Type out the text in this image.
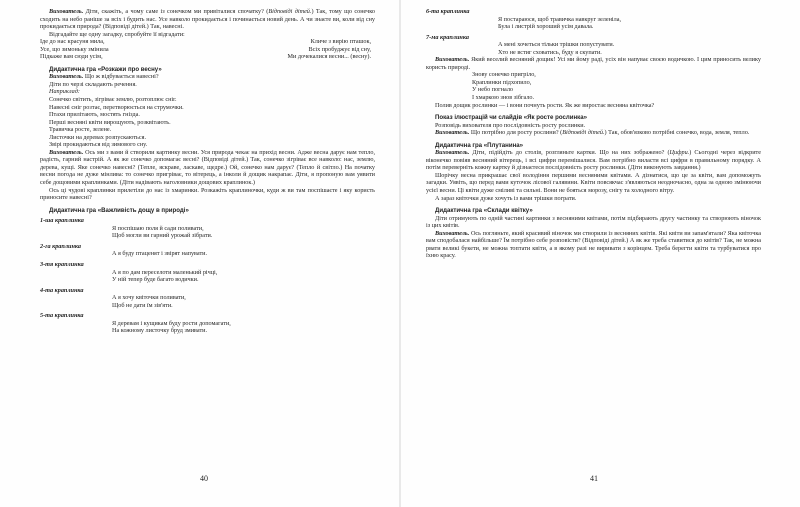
Вихователь. Діти, скажіть, а чому саме із сонечком ми привіталися спочатку? (Відповіді дітей.) Так, тому що сонечко сходить на небо раніше за всіх і будить нас. Усе навколо прокидається і починається новий день. А чи знаєте ви, коли від сну прокидається природа? (Відповіді дітей.) Так, навесні.

Відгадайте ще одну загадку, спробуйте її відгадати:

Іде до нас красуня мила,
Усе, що зимоньку змінила
Підкаже вам сюди усім,
Кличе з вирію пташок,
Всіх пробуджує від сну,
Ми дочекалися весни... (весну).
Дидактична гра «Розкажи про весну»
Вихователь. Що ж відбувається навесні?
Діти по черзі складають речення.
Наприклад:
Сонечко світить, зігріває землю, розтоплює сніг.
Навесні сніг розтає, перетворюється на струмочки.
Птахи прилітають, мостять гнізда.
Перші весняні квіти вирощують, розквітають.
Травичка росте, зелене.
Листочки на деревах розпускаються.
Звірі прокидаються від зимового сну.

Вихователь. Ось ми з вами й створили картинку весни. Уся природа чекає на прихід весни. Адже весна дарує нам тепло, радість, гарний настрій. А як же сонечко допомагає весні? (Відповіді дітей.) Так, сонечко зігріває все навколо: нас, землю, дерева, кущі. Яке сонечко навесні? (Тепле, яскраве, ласкаве, щедре.) Ой, сонечко нам дарує? (Тепло й світло.) На початку весни погода не дуже мінлива: то сонечко пригріває, то вітерець, а інколи й дощик накрапає. Діти, я пропоную вам уявити себе дощовими краплинками. (Діти надівають наголовники дощових краплинок.)

Ось ці чудові краплинки прилетіли до нас із хмаринки. Розкажіть краплиночки, куди ж ви там поспішаєте і яку користь приносите навесні?

Дидактична гра «Важливість дощу в природі»
1-ша краплинка
Я поспішаю поля й сади поливати,
Щоб могли ви гарний урожай зібрати.
2-га краплинка
А я буду птаценят і звірят напувати.
3-тя краплинка
А я по дам переселоти маленький річці,
У ній тепер буде багато водички.
4-та краплинка
А я хочу квіточки поливати,
Щоб не дати їм зів'яти.
5-та краплинка
Я деревам і кущикам буду рости допомагати,
На кожному листочку бруд змивати.
40
6-та краплинка
Я постараюся, щоб травичка навкруг зеленіла,
Була і листрій хороший усім давала.
7-ма краплинка
А мені хочеться тільки трішки попустувати.
Хто не встиг сховатись, буду я скупати.

Вихователь. Який веселий весняний дощик! Усі ми йому раді, усіх він напуває своєю водичкою. І цим приносить велику користь природі.

Знову сонечко пригріло,
Краплинки підхопило,
У небо погнало
І хмаркою знов зібгало.

Полив дощик рослинки — і вони почнуть рости. Як же виростає весняна квіточка?

Показ ілюстрацій чи слайдів «Як росте рослинка»
Розповідь вихователя про послідовність росту рослинки.

Вихователь. Що потрібно для росту рослини? (Відповіді дітей.) Так, обов'язково потрібні сонечко, вода, земля, тепло.

Дидактична гра «Плутанина»

Вихователь. Діти, підійдіть до столів, розгляньте картки. Що на них зображено? (Цифри.) Сьогодні через відкрите віконечко повіяв весняний вітерець, і всі цифри перемішалися. Вам потрібно виласти всі цифри в правильному порядку. А потім переверніть кожну картку й дізнаєтеся послідовність росту рослинки. (Діти виконують завдання.)

Шорічку весна прикрашає свої володіння першими весняними квітами. А дізнатися, що це за квіти, вам допоможуть загадки. Уявіть, що перед вами куточок лісової галявини. Квіти повсякчас з'являються неодночасно, одна за одною змінюючи усієї весни. Ці квіти дуже сміливі та сильні. Вони не бояться морозу, снігу та холодного вітру.

А зараз квіточки дуже хочуть із вами трішки пограти.

Дидактична гра «Склади квітку»

Діти отримують по одній частині картинки з весняними квітами, потім підбирають другу частинку та створюють віночок із цих квітів.

Вихователь. Ось погляньте, який красивий віночок ми створили із весняних квітів. Які квіти ви запам'ятали? Яка квіточка вам сподобалася найбільше? Їм потрібно себе розповісти? (Відповіді дітей.) А як же треба ставитися до квітів? Так, не можна рвати великі букети, не можна топтати квіти, а в якому разі не виривати з корінцем. Треба берегти квіти та турбуватися про їхню красу.

41
